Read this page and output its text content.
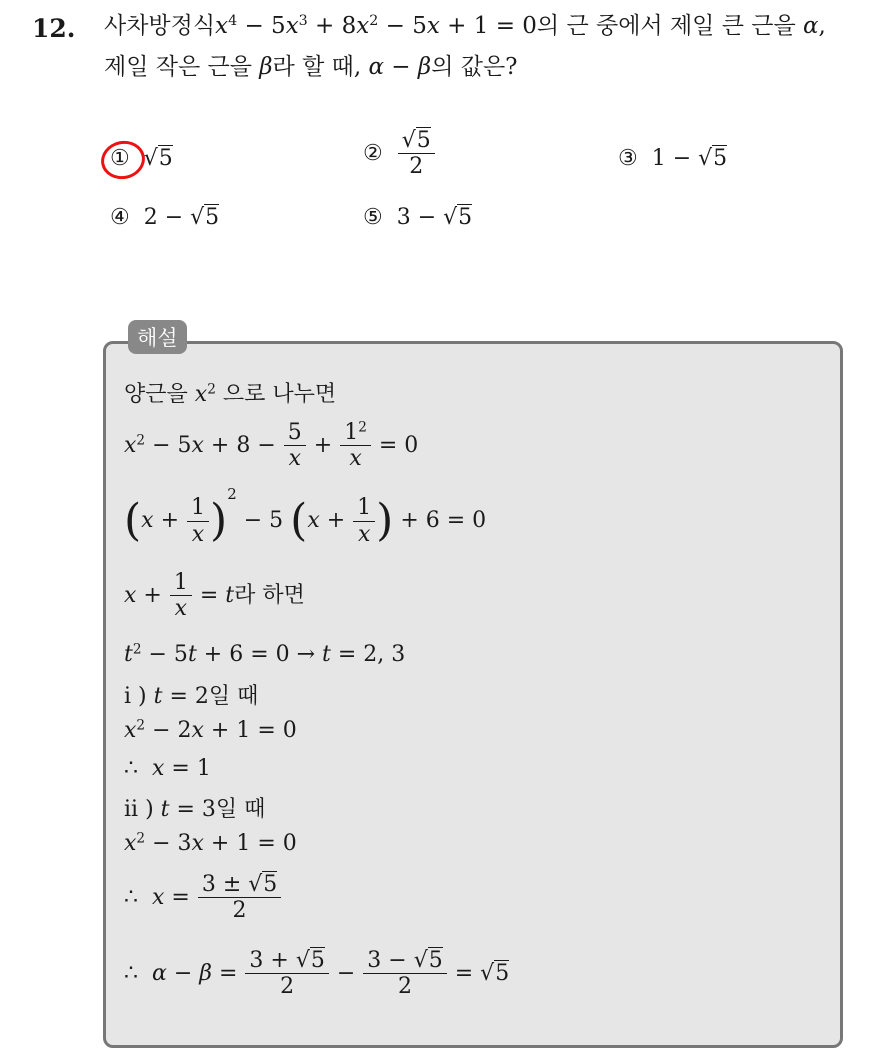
12. 사차방정식$x^4 - 5x^3 + 8x^2 - 5x + 1 = 0$의 근 중에서 제일 큰 근을 α,
제일 작은 근을 β라 할 때, α − β의 값은?
① √5	② $\frac{√5}{2}$	③  1 − √5
④  2 − √5	⑤  3 − √5
해설
양근을 $x^2$ 으로 나누면
$x^2 - 5x + 8 - \frac{5}{x} + \frac{1^2}{x} = 0$
$(x + \frac{1}{x} )^2 - 5$ ($x + \frac{1}{x}$ ) + 6 = 0
$x + \frac{1}{x} = t$라 하면
$t^2 - 5t + 6 = 0 \to t = 2$, 3
i ) t = 2일 때
$x^2 - 2x + 1 = 0$
∴  x = 1
ii ) t = 3일 때
$x^2 - 3x + 1 = 0$
∴  $x = \frac{3 \pm √5}{2}$
∴  $\alpha - \beta = \frac{3 + √5}{2} - \frac{3 - √5}{2} = √5$
